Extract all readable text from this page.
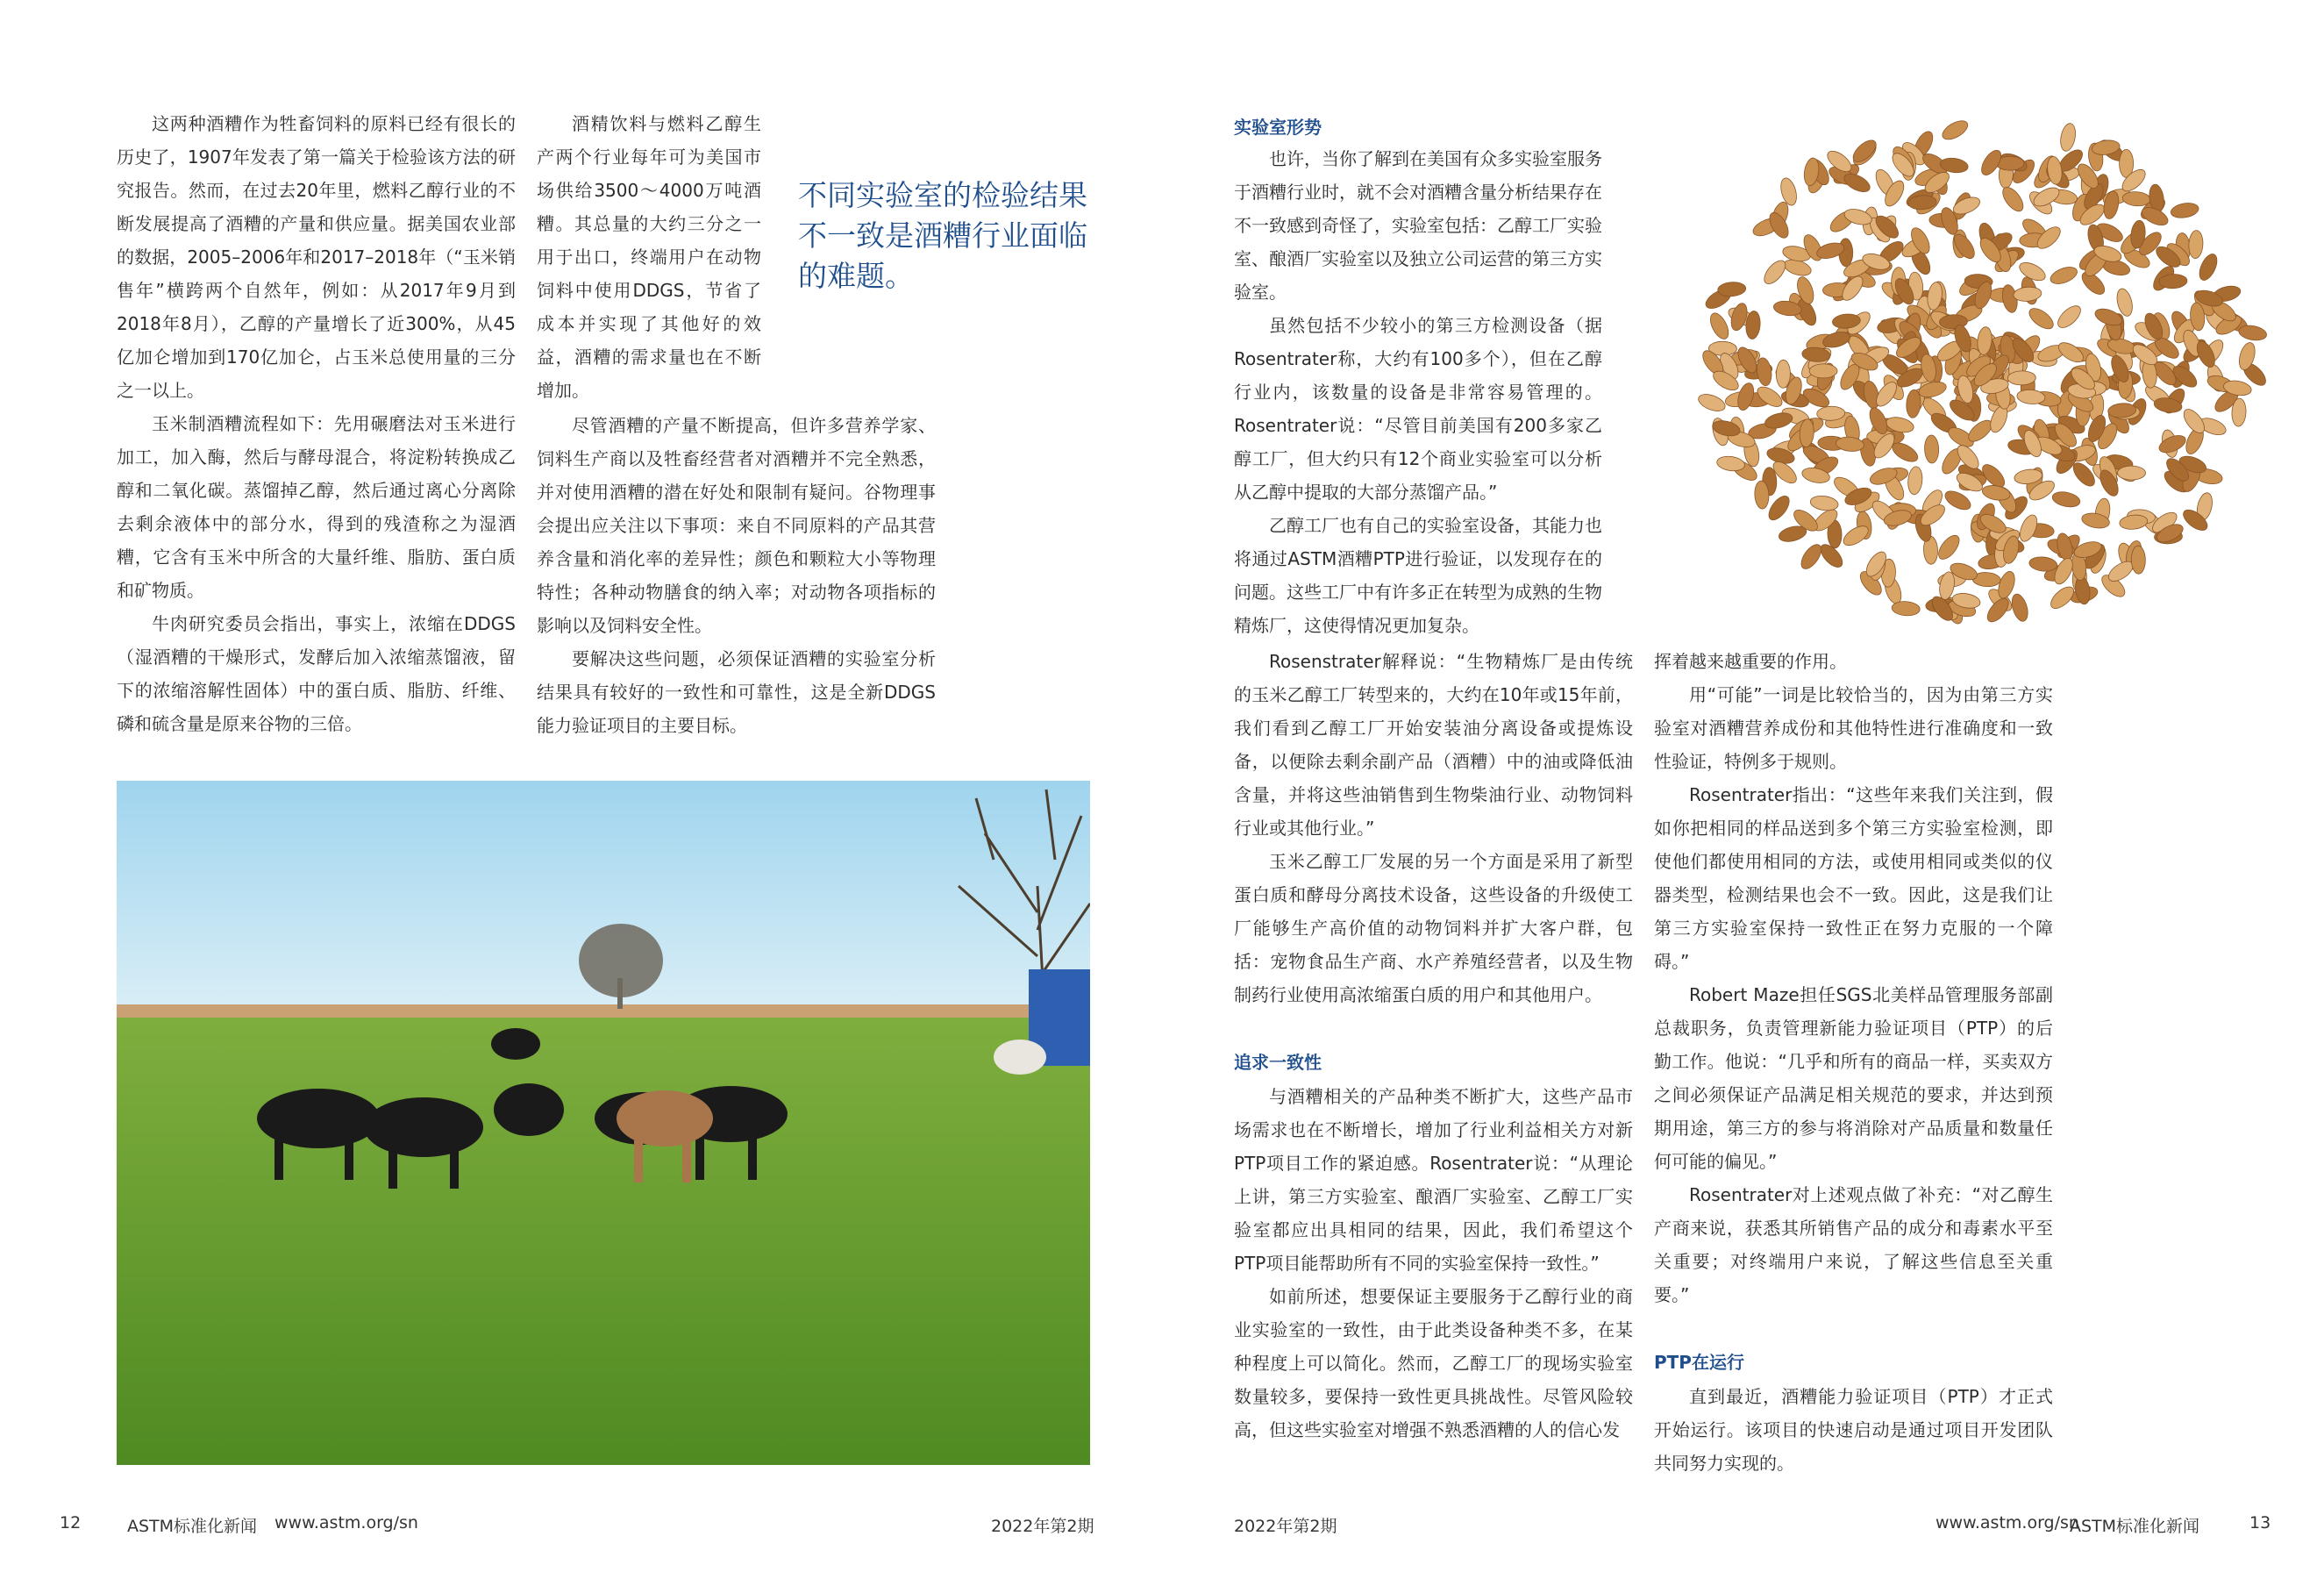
这两种酒糟作为牲畜饲料的原料已经有很长的历史了，1907年发表了第一篇关于检验该方法的研究报告。然而，在过去20年里，燃料乙醇行业的不断发展提高了酒糟的产量和供应量。据美国农业部的数据，2005–2006年和2017–2018年（“玉米销售年”横跨两个自然年，例如：从2017年9月到2018年8月），乙醇的产量增长了近300%，从45亿加仑增加到170亿加仑，占玉米总使用量的三分之一以上。

玉米制酒糟流程如下：先用碾磨法对玉米进行加工，加入酶，然后与酵母混合，将淀粉转换成乙醇和二氧化碳。蒸馏掉乙醇，然后通过离心分离除去剩余液体中的部分水，得到的残渣称之为湿酒糟，它含有玉米中所含的大量纤维、脂肪、蛋白质和矿物质。

牛肉研究委员会指出，事实上，浓缩在DDGS（湿酒糟的干燥形式，发酵后加入浓缩蒸馏液，留下的浓缩溶解性固体）中的蛋白质、脂肪、纤维、磷和硫含量是原来谷物的三倍。

酒精饮料与燃料乙醇生产两个行业每年可为美国市场供给3500～4000万吨酒糟。其总量的大约三分之一用于出口，终端用户在动物饲料中使用DDGS，节省了成本并实现了其他好的效益，酒糟的需求量也在不断增加。

尽管酒糟的产量不断提高，但许多营养学家、饲料生产商以及牲畜经营者对酒糟并不完全熟悉，并对使用酒糟的潜在好处和限制有疑问。谷物理事会提出应关注以下事项：来自不同原料的产品其营养含量和消化率的差异性；颜色和颗粒大小等物理特性；各种动物膳食的纳入率；对动物各项指标的影响以及饲料安全性。

要解决这些问题，必须保证酒糟的实验室分析结果具有较好的一致性和可靠性，这是全新DDGS能力验证项目的主要目标。

不同实验室的检验结果不一致是酒糟行业面临的难题。
12	ASTM标准化新闻 www.astm.org/sn	2022年第2期
实验室形势

也许，当你了解到在美国有众多实验室服务于酒糟行业时，就不会对酒糟含量分析结果存在不一致感到奇怪了，实验室包括：乙醇工厂实验室、酿酒厂实验室以及独立公司运营的第三方实验室。

虽然包括不少较小的第三方检测设备（据Rosentrater称，大约有100多个），但在乙醇行业内，该数量的设备是非常容易管理的。Rosentrater说：“尽管目前美国有200多家乙醇工厂，但大约只有12个商业实验室可以分析从乙醇中提取的大部分蒸馏产品。”

乙醇工厂也有自己的实验室设备，其能力也将通过ASTM酒糟PTP进行验证，以发现存在的问题。这些工厂中有许多正在转型为成熟的生物精炼厂，这使得情况更加复杂。

Rosenstrater解释说：“生物精炼厂是由传统的玉米乙醇工厂转型来的，大约在10年或15年前，我们看到乙醇工厂开始安装油分离设备或提炼设备，以便除去剩余副产品（酒糟）中的油或降低油含量，并将这些油销售到生物柴油行业、动物饲料行业或其他行业。”

玉米乙醇工厂发展的另一个方面是采用了新型蛋白质和酵母分离技术设备，这些设备的升级使工厂能够生产高价值的动物饲料并扩大客户群，包括：宠物食品生产商、水产养殖经营者，以及生物制药行业使用高浓缩蛋白质的用户和其他用户。

追求一致性

与酒糟相关的产品种类不断扩大，这些产品市场需求也在不断增长，增加了行业利益相关方对新PTP项目工作的紧迫感。Rosentrater说：“从理论上讲，第三方实验室、酿酒厂实验室、乙醇工厂实验室都应出具相同的结果，因此，我们希望这个PTP项目能帮助所有不同的实验室保持一致性。”

如前所述，想要保证主要服务于乙醇行业的商业实验室的一致性，由于此类设备种类不多，在某种程度上可以简化。然而，乙醇工厂的现场实验室数量较多，要保持一致性更具挑战性。尽管风险较高，但这些实验室对增强不熟悉酒糟的人的信心发

挥着越来越重要的作用。

用“可能”一词是比较恰当的，因为由第三方实验室对酒糟营养成份和其他特性进行准确度和一致性验证，特例多于规则。

Rosentrater指出：“这些年来我们关注到，假如你把相同的样品送到多个第三方实验室检测，即使他们都使用相同的方法，或使用相同或类似的仪器类型，检测结果也会不一致。因此，这是我们让第三方实验室保持一致性正在努力克服的一个障碍。”

Robert Maze担任SGS北美样品管理服务部副总裁职务，负责管理新能力验证项目（PTP）的后勤工作。他说：“几乎和所有的商品一样，买卖双方之间必须保证产品满足相关规范的要求，并达到预期用途，第三方的参与将消除对产品质量和数量任何可能的偏见。”

Rosentrater对上述观点做了补充：“对乙醇生产商来说，获悉其所销售产品的成分和毒素水平至关重要；对终端用户来说，了解这些信息至关重要。”

PTP在运行

直到最近，酒糟能力验证项目（PTP）才正式开始运行。该项目的快速启动是通过项目开发团队共同努力实现的。

2022年第2期	www.astm.org/sn
ASTM标准化新闻	13
